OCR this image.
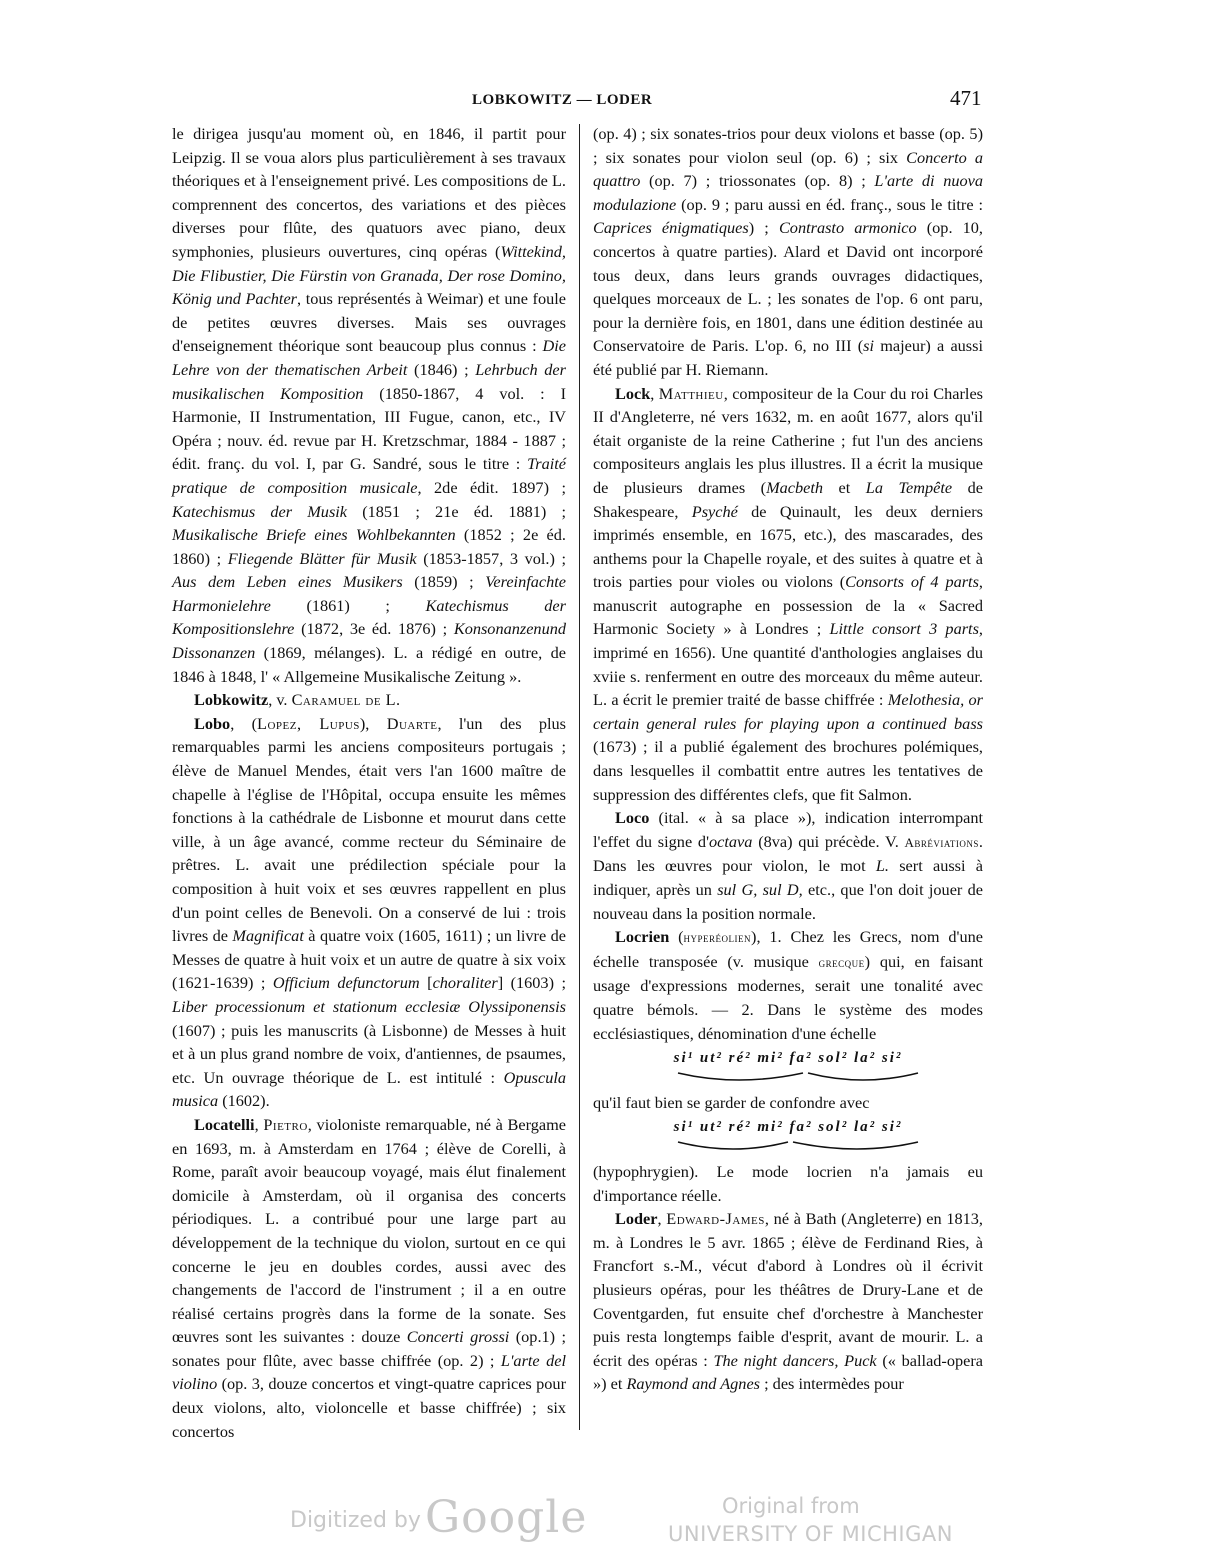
LOBKOWITZ — LODER	471

le dirigea jusqu'au moment où, en 1846, il partit pour Leipzig. Il se voua alors plus particulièrement à ses travaux théoriques et à l'enseignement privé. Les compositions de L. comprennent des concertos, des variations et des pièces diverses pour flûte, des quatuors avec piano, deux symphonies, plusieurs ouvertures, cinq opéras (Wittekind, Die Flibustier, Die Fürstin von Granada, Der rose Domino, König und Pachter, tous représentés à Weimar) et une foule de petites œuvres diverses. Mais ses ouvrages d'enseignement théorique sont beaucoup plus connus : Die Lehre von der thematischen Arbeit (1846) ; Lehrbuch der musikalischen Komposition (1850-1867, 4 vol. : I Harmonie, II Instrumentation, III Fugue, canon, etc., IV Opéra ; nouv. éd. revue par H. Kretzschmar, 1884 - 1887 ; édit. franç. du vol. I, par G. Sandré, sous le titre : Traité pratique de composition musicale, 2de édit. 1897) ; Katechismus der Musik (1851 ; 21e éd. 1881) ; Musikalische Briefe eines Wohlbekannten (1852 ; 2e éd. 1860) ; Fliegende Blätter für Musik (1853-1857, 3 vol.) ; Aus dem Leben eines Musikers (1859) ; Vereinfachte Harmonielehre (1861) ; Katechismus der Kompositionslehre (1872, 3e éd. 1876) ; Konsonanzenund Dissonanzen (1869, mélanges). L. a rédigé en outre, de 1846 à 1848, l' « Allgemeine Musikalische Zeitung ».

Lobkowitz, v. Caramuel de L.

Lobo, (Lopez, Lupus), Duarte, l'un des plus remarquables parmi les anciens compositeurs portugais ; élève de Manuel Mendes, était vers l'an 1600 maître de chapelle à l'église de l'Hôpital, occupa ensuite les mêmes fonctions à la cathédrale de Lisbonne et mourut dans cette ville, à un âge avancé, comme recteur du Séminaire de prêtres. L. avait une prédilection spéciale pour la composition à huit voix et ses œuvres rappellent en plus d'un point celles de Benevoli. On a conservé de lui : trois livres de Magnificat à quatre voix (1605, 1611) ; un livre de Messes de quatre à huit voix et un autre de quatre à six voix (1621-1639) ; Officium defunctorum [choraliter] (1603) ; Liber processionum et stationum ecclesiæ Olyssiponensis (1607) ; puis les manuscrits (à Lisbonne) de Messes à huit et à un plus grand nombre de voix, d'antiennes, de psaumes, etc. Un ouvrage théorique de L. est intitulé : Opuscula musica (1602).

Locatelli, Pietro, violoniste remarquable, né à Bergame en 1693, m. à Amsterdam en 1764 ; élève de Corelli, à Rome, paraît avoir beaucoup voyagé, mais élut finalement domicile à Amsterdam, où il organisa des concerts périodiques. L. a contribué pour une large part au développement de la technique du violon, surtout en ce qui concerne le jeu en doubles cordes, aussi avec des changements de l'accord de l'instrument ; il a en outre réalisé certains progrès dans la forme de la sonate. Ses œuvres sont les suivantes : douze Concerti grossi (op.1) ; sonates pour flûte, avec basse chiffrée (op. 2) ; L'arte del violino (op. 3, douze concertos et vingt-quatre caprices pour deux violons, alto, violoncelle et basse chiffrée) ; six concertos

(op. 4) ; six sonates-trios pour deux violons et basse (op. 5) ; six sonates pour violon seul (op. 6) ; six Concerto a quattro (op. 7) ; triossonates (op. 8) ; L'arte di nuova modulazione (op. 9 ; paru aussi en éd. franç., sous le titre : Caprices énigmatiques) ; Contrasto armonico (op. 10, concertos à quatre parties). Alard et David ont incorporé tous deux, dans leurs grands ouvrages didactiques, quelques morceaux de L. ; les sonates de l'op. 6 ont paru, pour la dernière fois, en 1801, dans une édition destinée au Conservatoire de Paris. L'op. 6, no III (si majeur) a aussi été publié par H. Riemann.

Lock, Matthieu, compositeur de la Cour du roi Charles II d'Angleterre, né vers 1632, m. en août 1677, alors qu'il était organiste de la reine Catherine ; fut l'un des anciens compositeurs anglais les plus illustres. Il a écrit la musique de plusieurs drames (Macbeth et La Tempête de Shakespeare, Psyché de Quinault, les deux derniers imprimés ensemble, en 1675, etc.), des mascarades, des anthems pour la Chapelle royale, et des suites à quatre et à trois parties pour violes ou violons (Consorts of 4 parts, manuscrit autographe en possession de la « Sacred Harmonic Society » à Londres ; Little consort 3 parts, imprimé en 1656). Une quantité d'anthologies anglaises du xviie s. renferment en outre des morceaux du même auteur. L. a écrit le premier traité de basse chiffrée : Melothesia, or certain general rules for playing upon a continued bass (1673) ; il a publié également des brochures polémiques, dans lesquelles il combattit entre autres les tentatives de suppression des différentes clefs, que fit Salmon.

Loco (ital. « à sa place »), indication interrompant l'effet du signe d'octava (8va) qui précède. V. Abréviations. Dans les œuvres pour violon, le mot L. sert aussi à indiquer, après un sul G, sul D, etc., que l'on doit jouer de nouveau dans la position normale.

Locrien (hyperéolien), 1. Chez les Grecs, nom d'une échelle transposée (v. musique grecque) qui, en faisant usage d'expressions modernes, serait une tonalité avec quatre bémols. — 2. Dans le système des modes ecclésiastiques, dénomination d'une échelle

si¹ ut² ré² mi² fa² sol² la² si²

qu'il faut bien se garder de confondre avec

si¹ ut² ré² mi² fa² sol² la² si²

(hypophrygien). Le mode locrien n'a jamais eu d'importance réelle.

Loder, Edward-James, né à Bath (Angleterre) en 1813, m. à Londres le 5 avr. 1865 ; élève de Ferdinand Ries, à Francfort s.-M., vécut d'abord à Londres où il écrivit plusieurs opéras, pour les théâtres de Drury-Lane et de Coventgarden, fut ensuite chef d'orchestre à Manchester puis resta longtemps faible d'esprit, avant de mourir. L. a écrit des opéras : The night dancers, Puck (« ballad-opera ») et Raymond and Agnes ; des intermèdes pour

Digitized by Google	Original from
UNIVERSITY OF MICHIGAN
